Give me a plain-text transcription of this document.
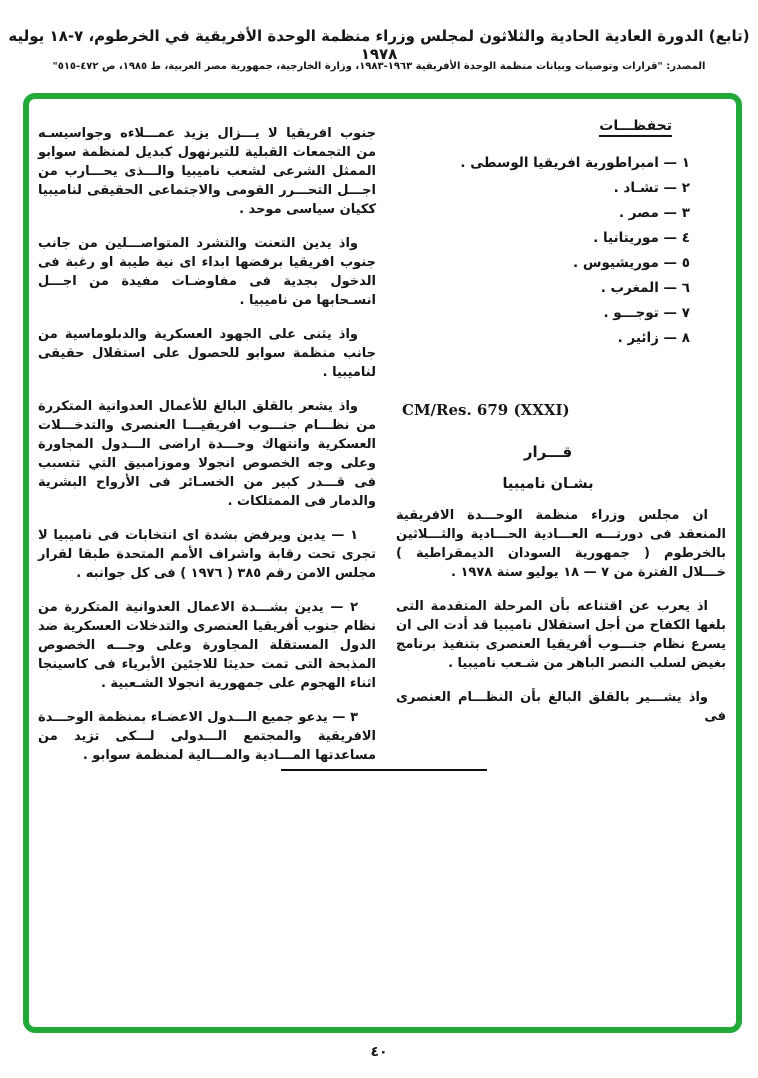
(تابع) الدورة العادية الحادية والثلاثون لمجلس وزراء منظمة الوحدة الأفريقية في الخرطوم، ٧-١٨ يوليه ١٩٧٨
المصدر: "قرارات وتوصيات وبيانات منظمة الوحدة الأفريقية ١٩٦٣-١٩٨٣، وزارة الخارجية، جمهورية مصر العربية، ط ١٩٨٥، ص ٤٧٢-٥١٥"
تحفظـــات
١ — امبراطورية افريقيا الوسطى .
٢ — تشـاد .
٣ — مصر .
٤ — موريتانيا .
٥ — موريشيوس .
٦ — المغرب .
٧ — توجـــو .
٨ — زائير .
CM/Res. 679 (XXXI)
قـــرار
بشـان ناميبيا
ان مجلس وزراء منظمة الوحـــدة الافريقية المنعقد فى دورتـــه العـــادية الحـــادية والثـــلاثين بالخرطوم ( جمهورية السودان الديمقراطية ) خـــلال الفترة من ٧ — ١٨ يوليو سنة ١٩٧٨ .
اذ يعرب عن اقتناعه بأن المرحلة المتقدمة التى بلغها الكفاح من أجل استقلال ناميبيا قد أدت الى ان يسرع نظام جنـــوب أفريقيا العنصرى بتنفيذ برنامج بغيض لسلب النصر الباهر من شـعب ناميبيا .
واذ يشـــير بالقلق البالغ بأن النظـــام العنصرى فى
جنوب افريقيا لا يـــزال يزيد عمـــلاءه وجواسيسـه من التجمعات القبلية للتيرنهول كبديل لمنظمة سوابو الممثل الشرعى لشعب ناميبيا والـــذى يحـــارب من اجـــل التحـــرر القومى والاجتماعى الحقيقى لناميبيا ككيان سياسى موحد .
واذ يدين التعنت والتشرد المتواصـــلين من جانب جنوب افريقيا برفضها ابداء اى نية طيبة او رغبة فى الدخول بجدية فى مفاوضـات مفيدة من اجـــل انسـحابها من ناميبيا .
واذ يثنى على الجهود العسكرية والدبلوماسية من جانب منظمة سوابو للحصول على استقلال حقيقى لناميبيا .
واذ يشعر بالقلق البالغ للأعمال العدوانية المتكررة من نظـــام جنـــوب افريقيـــا العنصرى والتدخـــلات العسكرية وانتهاك وحـــدة اراضى الـــدول المجاورة وعلى وجه الخصوص انجولا وموزامبيق التي تتسبب فى قـــدر كبير من الخسـائر فى الأرواح البشرية والدمار فى الممتلكات .
١ — يدين ويرفض بشدة اى انتخابات فى ناميبيا لا تجرى تحت رقابة واشراف الأمم المتحدة طبقا لقرار مجلس الامن رقم ٣٨٥ ( ١٩٧٦ ) فى كل جوانبه .
٢ — يدين بشـــدة الاعمال العدوانية المتكررة من نظام جنوب أفريقيا العنصرى والتدخلات العسكرية ضد الدول المستقلة المجاورة وعلى وجـــه الخصوص المذبحة التى تمت حديثا للاجئين الأبرياء فى كاسينجا اثناء الهجوم على جمهورية انجولا الشـعبية .
٣ — يدعو جميع الـــدول الاعضـاء بمنظمة الوحـــدة الافريقية والمجتمع الـــدولى لـــكى تزيد من مساعدتها المـــادية والمـــالية لمنظمة سوابو .
٤٠
